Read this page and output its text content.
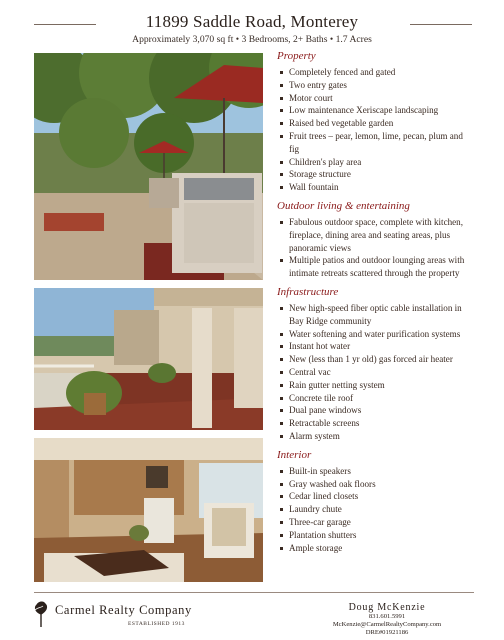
11899 Saddle Road, Monterey
Approximately 3,070 sq ft • 3 Bedrooms, 2+ Baths • 1.7 Acres
Property
Completely fenced and gated
Two entry gates
Motor court
Low maintenance Xeriscape landscaping
Raised bed vegetable garden
Fruit trees – pear, lemon, lime, pecan, plum and fig
Children's play area
Storage structure
Wall fountain
Outdoor living & entertaining
Fabulous outdoor space, complete with kitchen, fireplace, dining area and seating areas, plus panoramic views
Multiple patios and outdoor lounging areas with intimate retreats scattered through the property
Infrastructure
New high-speed fiber optic cable installation in Bay Ridge community
Water softening and water purification systems
Instant hot water
New (less than 1 yr old) gas forced air heater
Central vac
Rain gutter netting system
Concrete tile roof
Dual pane windows
Retractable screens
Alarm system
Interior
Built-in speakers
Gray washed oak floors
Cedar lined closets
Laundry chute
Three-car garage
Plantation shutters
Ample storage
Carmel Realty Company
ESTABLISHED 1913
Doug McKenzie
831.601.5991
McKenzie@CarmelRealtyCompany.com
DRE#01921186
